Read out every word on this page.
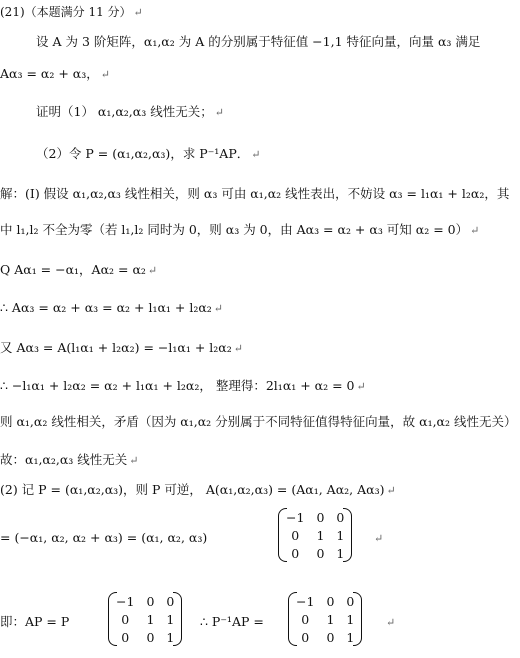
(21)（本题满分 11 分） ↵
设 A 为 3 阶矩阵，α₁,α₂ 为 A 的分别属于特征值 −1,1 特征向量，向量 α₃ 满足
Aα₃ = α₂ + α₃， ↵
证明（1） α₁,α₂,α₃ 线性无关； ↵
（2）令 P = (α₁,α₂,α₃)，求 P⁻¹AP． ↵
解：(Ⅰ) 假设 α₁,α₂,α₃ 线性相关，则 α₃ 可由 α₁,α₂ 线性表出，不妨设 α₃ = l₁α₁ + l₂α₂，其
中 l₁,l₂ 不全为零（若 l₁,l₂ 同时为 0，则 α₃ 为 0，由 Aα₃ = α₂ + α₃ 可知 α₂ = 0） ↵
Q Aα₁ = −α₁，Aα₂ = α₂ ↵
∴ Aα₃ = α₂ + α₃ = α₂ + l₁α₁ + l₂α₂ ↵
又 Aα₃ = A(l₁α₁ + l₂α₂) = −l₁α₁ + l₂α₂ ↵
∴ −l₁α₁ + l₂α₂ = α₂ + l₁α₁ + l₂α₂， 整理得：2l₁α₁ + α₂ = 0 ↵
则 α₁,α₂ 线性相关，矛盾（因为 α₁,α₂ 分别属于不同特征值得特征向量，故 α₁,α₂ 线性无关）
故：α₁,α₂,α₃ 线性无关 ↵
(2) 记 P = (α₁,α₂,α₃)，则 P 可逆， A(α₁,α₂,α₃) = (Aα₁, Aα₂, Aα₃) ↵
= (−α₁, α₂, α₂ + α₃) = (α₁, α₂, α₃)
−1	0	0
0	1	1
0	0	1
↵
即：AP = P
−1	0	0
0	1	1
0	0	1
∴ P⁻¹AP =
−1	0	0
0	1	1
0	0	1
↵
